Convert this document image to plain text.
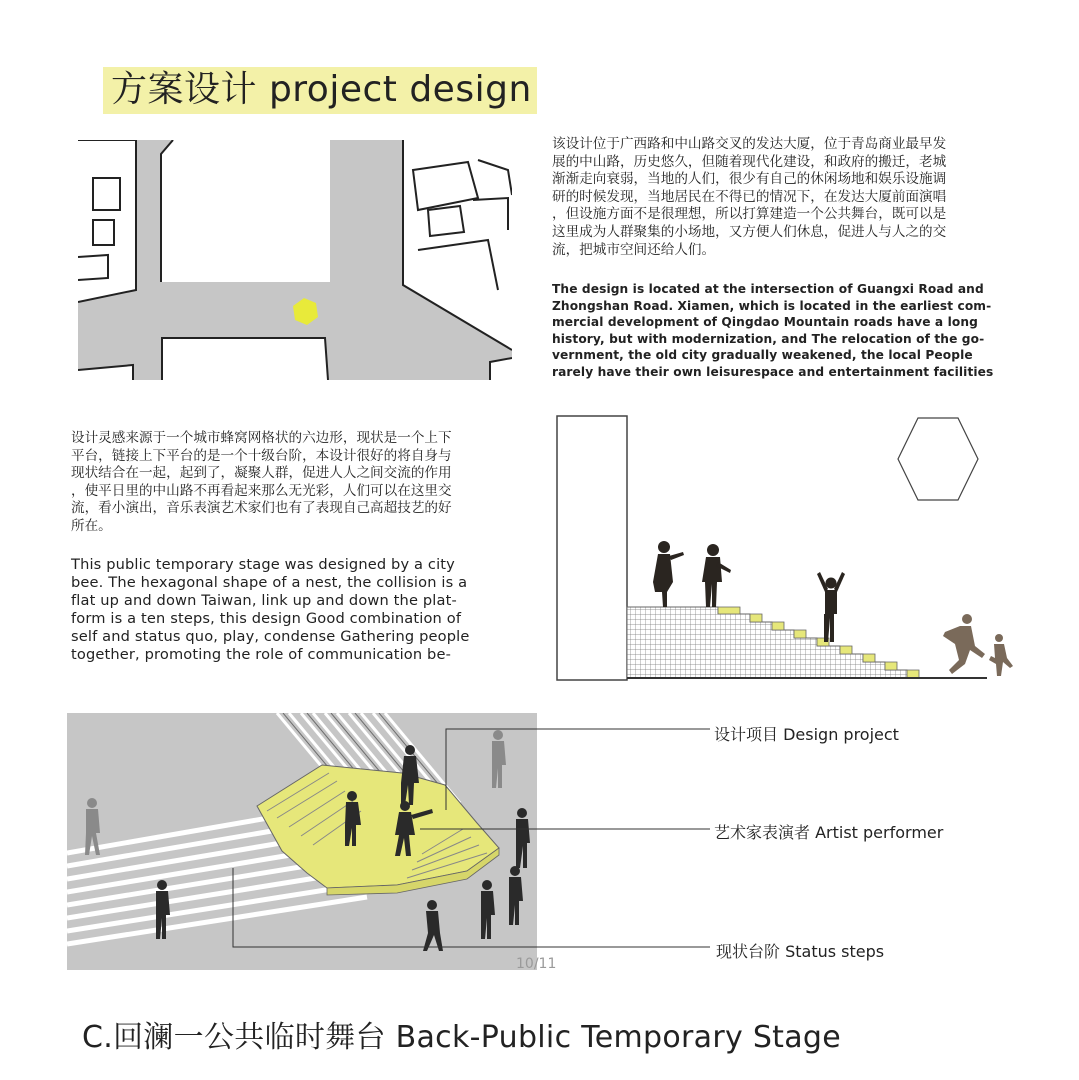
方案设计 project design

该设计位于广西路和中山路交叉的发达大厦，位于青岛商业最早发

展的中山路，历史悠久，但随着现代化建设，和政府的搬迁，老城

渐渐走向衰弱，当地的人们，很少有自己的休闲场地和娱乐设施调

研的时候发现，当地居民在不得已的情况下，在发达大厦前面演唱

，但设施方面不是很理想，所以打算建造一个公共舞台，既可以是

这里成为人群聚集的小场地，又方便人们休息，促进人与人之的交

流，把城市空间还给人们。

The design is located at the intersection of Guangxi Road and

Zhongshan Road. Xiamen, which is located in the earliest com-

mercial development of Qingdao Mountain roads have a long

history, but with modernization, and The relocation of the go-

vernment, the old city gradually weakened, the local People

rarely have their own leisurespace and entertainment facilities

设计灵感来源于一个城市蜂窝网格状的六边形，现状是一个上下

平台，链接上下平台的是一个十级台阶，本设计很好的将自身与

现状结合在一起，起到了，凝聚人群，促进人人之间交流的作用

，使平日里的中山路不再看起来那么无光彩，人们可以在这里交

流，看小演出，音乐表演艺术家们也有了表现自己高超技艺的好

所在。

This public temporary stage was designed by a city

bee. The hexagonal shape of a nest, the collision is a

flat up and down Taiwan, link up and down the plat-

form is a ten steps, this design Good combination of

self and status quo, play, condense Gathering people

together, promoting the role of communication be-

设计项目 Design project
艺术家表演者 Artist performer
现状台阶 Status steps
10/11
C.回澜一公共临时舞台 Back-Public Temporary Stage
